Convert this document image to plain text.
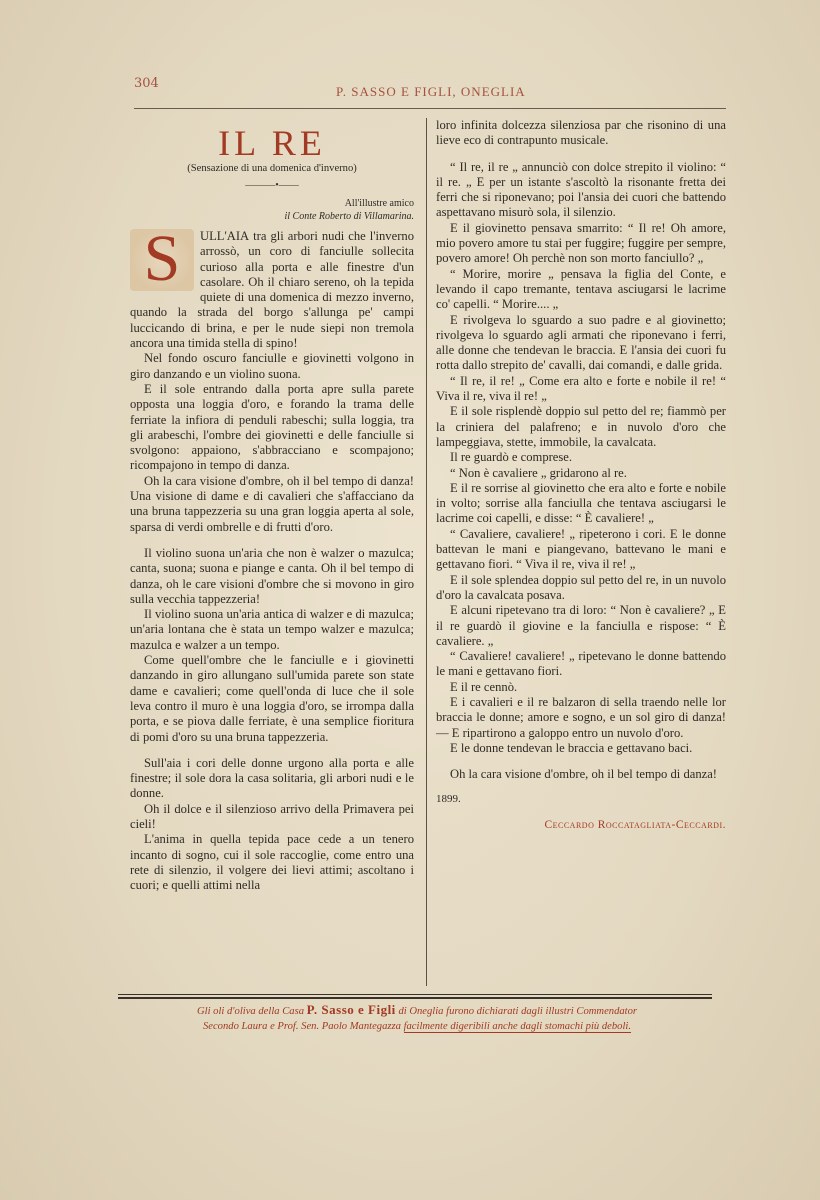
304
P. SASSO E FIGLI, ONEGLIA
IL RE
(Sensazione di una domenica d'inverno)
———•——
All'illustre amico
il Conte Roberto di Villamarina.

S	ULL'AIA tra gli arbori nudi che l'inverno arrossò, un coro di fanciulle sollecita curioso alla porta e alle finestre d'un casolare. Oh il chiaro sereno, oh la tepida quiete di una domenica di mezzo inverno, quando la strada del borgo s'allunga pe' campi luccicando di brina, e per le nude siepi non tremola ancora una timida stella di spino!

Nel fondo oscuro fanciulle e giovinetti volgono in giro danzando e un violino suona.

E il sole entrando dalla porta apre sulla parete opposta una loggia d'oro, e forando la trama delle ferriate la infiora di penduli rabeschi; sulla loggia, tra gli arabeschi, l'ombre dei giovinetti e delle fanciulle si svolgono: appaiono, s'abbracciano e scompajono; ricompajono in tempo di danza.

Oh la cara visione d'ombre, oh il bel tempo di danza! Una visione di dame e di cavalieri che s'affacciano da una bruna tappezzeria su una gran loggia aperta al sole, sparsa di verdi ombrelle e di frutti d'oro.

Il violino suona un'aria che non è walzer o mazulca; canta, suona; suona e piange e canta. Oh il bel tempo di danza, oh le care visioni d'ombre che si movono in giro sulla vecchia tappezzeria!

Il violino suona un'aria antica di walzer e di mazulca; un'aria lontana che è stata un tempo walzer e mazulca; mazulca e walzer a un tempo.

Come quell'ombre che le fanciulle e i giovinetti danzando in giro allungano sull'umida parete son state dame e cavalieri; come quell'onda di luce che il sole leva contro il muro è una loggia d'oro, se irrompa dalla porta, e se piova dalle ferriate, è una semplice fioritura di pomi d'oro su una bruna tappezzeria.

Sull'aia i cori delle donne urgono alla porta e alle finestre; il sole dora la casa solitaria, gli arbori nudi e le donne.

Oh il dolce e il silenzioso arrivo della Primavera pei cieli!

L'anima in quella tepida pace cede a un tenero incanto di sogno, cui il sole raccoglie, come entro una rete di silenzio, il volgere dei lievi attimi; ascoltano i cuori; e quelli attimi nella

loro infinita dolcezza silenziosa par che risonino di una lieve eco di contrapunto musicale.

“ Il re, il re „ annunciò con dolce strepito il violino: “ il re. „ E per un istante s'ascoltò la risonante fretta dei ferri che si riponevano; poi l'ansia dei cuori che battendo aspettavano misurò sola, il silenzio.

E il giovinetto pensava smarrito: “ Il re! Oh amore, mio povero amore tu stai per fuggire; fuggire per sempre, povero amore! Oh perchè non son morto fanciullo? „

“ Morire, morire „ pensava la figlia del Conte, e levando il capo tremante, tentava asciugarsi le lacrime co' capelli. “ Morire.... „

E rivolgeva lo sguardo a suo padre e al giovinetto; rivolgeva lo sguardo agli armati che riponevano i ferri, alle donne che tendevan le braccia. E l'ansia dei cuori fu rotta dallo strepito de' cavalli, dai comandi, e dalle grida.

“ Il re, il re! „ Come era alto e forte e nobile il re! “ Viva il re, viva il re! „

E il sole risplendè doppio sul petto del re; fiammò per la criniera del palafreno; e in nuvolo d'oro che lampeggiava, stette, immobile, la cavalcata.

Il re guardò e comprese.

“ Non è cavaliere „ gridarono al re.

E il re sorrise al giovinetto che era alto e forte e nobile in volto; sorrise alla fanciulla che tentava asciugarsi le lacrime coi capelli, e disse: “ È cavaliere! „

“ Cavaliere, cavaliere! „ ripeterono i cori. E le donne battevan le mani e piangevano, battevano le mani e gettavano fiori. “ Viva il re, viva il re! „

E il sole splendea doppio sul petto del re, in un nuvolo d'oro la cavalcata posava.

E alcuni ripetevano tra di loro: “ Non è cavaliere? „ E il re guardò il giovine e la fanciulla e rispose: “ È cavaliere. „

“ Cavaliere! cavaliere! „ ripetevano le donne battendo le mani e gettavano fiori.

E il re cennò.

E i cavalieri e il re balzaron di sella traendo nelle lor braccia le donne; amore e sogno, e un sol giro di danza! — E ripartirono a galoppo entro un nuvolo d'oro.

E le donne tendevan le braccia e gettavano baci.

Oh la cara visione d'ombre, oh il bel tempo di danza!

1899.

Ceccardo Roccatagliata-Ceccardi.

Gli oli d'oliva della Casa P. Sasso e Figli di Oneglia furono dichiarati dagli illustri Commendator
Secondo Laura e Prof. Sen. Paolo Mantegazza facilmente digeribili anche dagli stomachi più deboli.
